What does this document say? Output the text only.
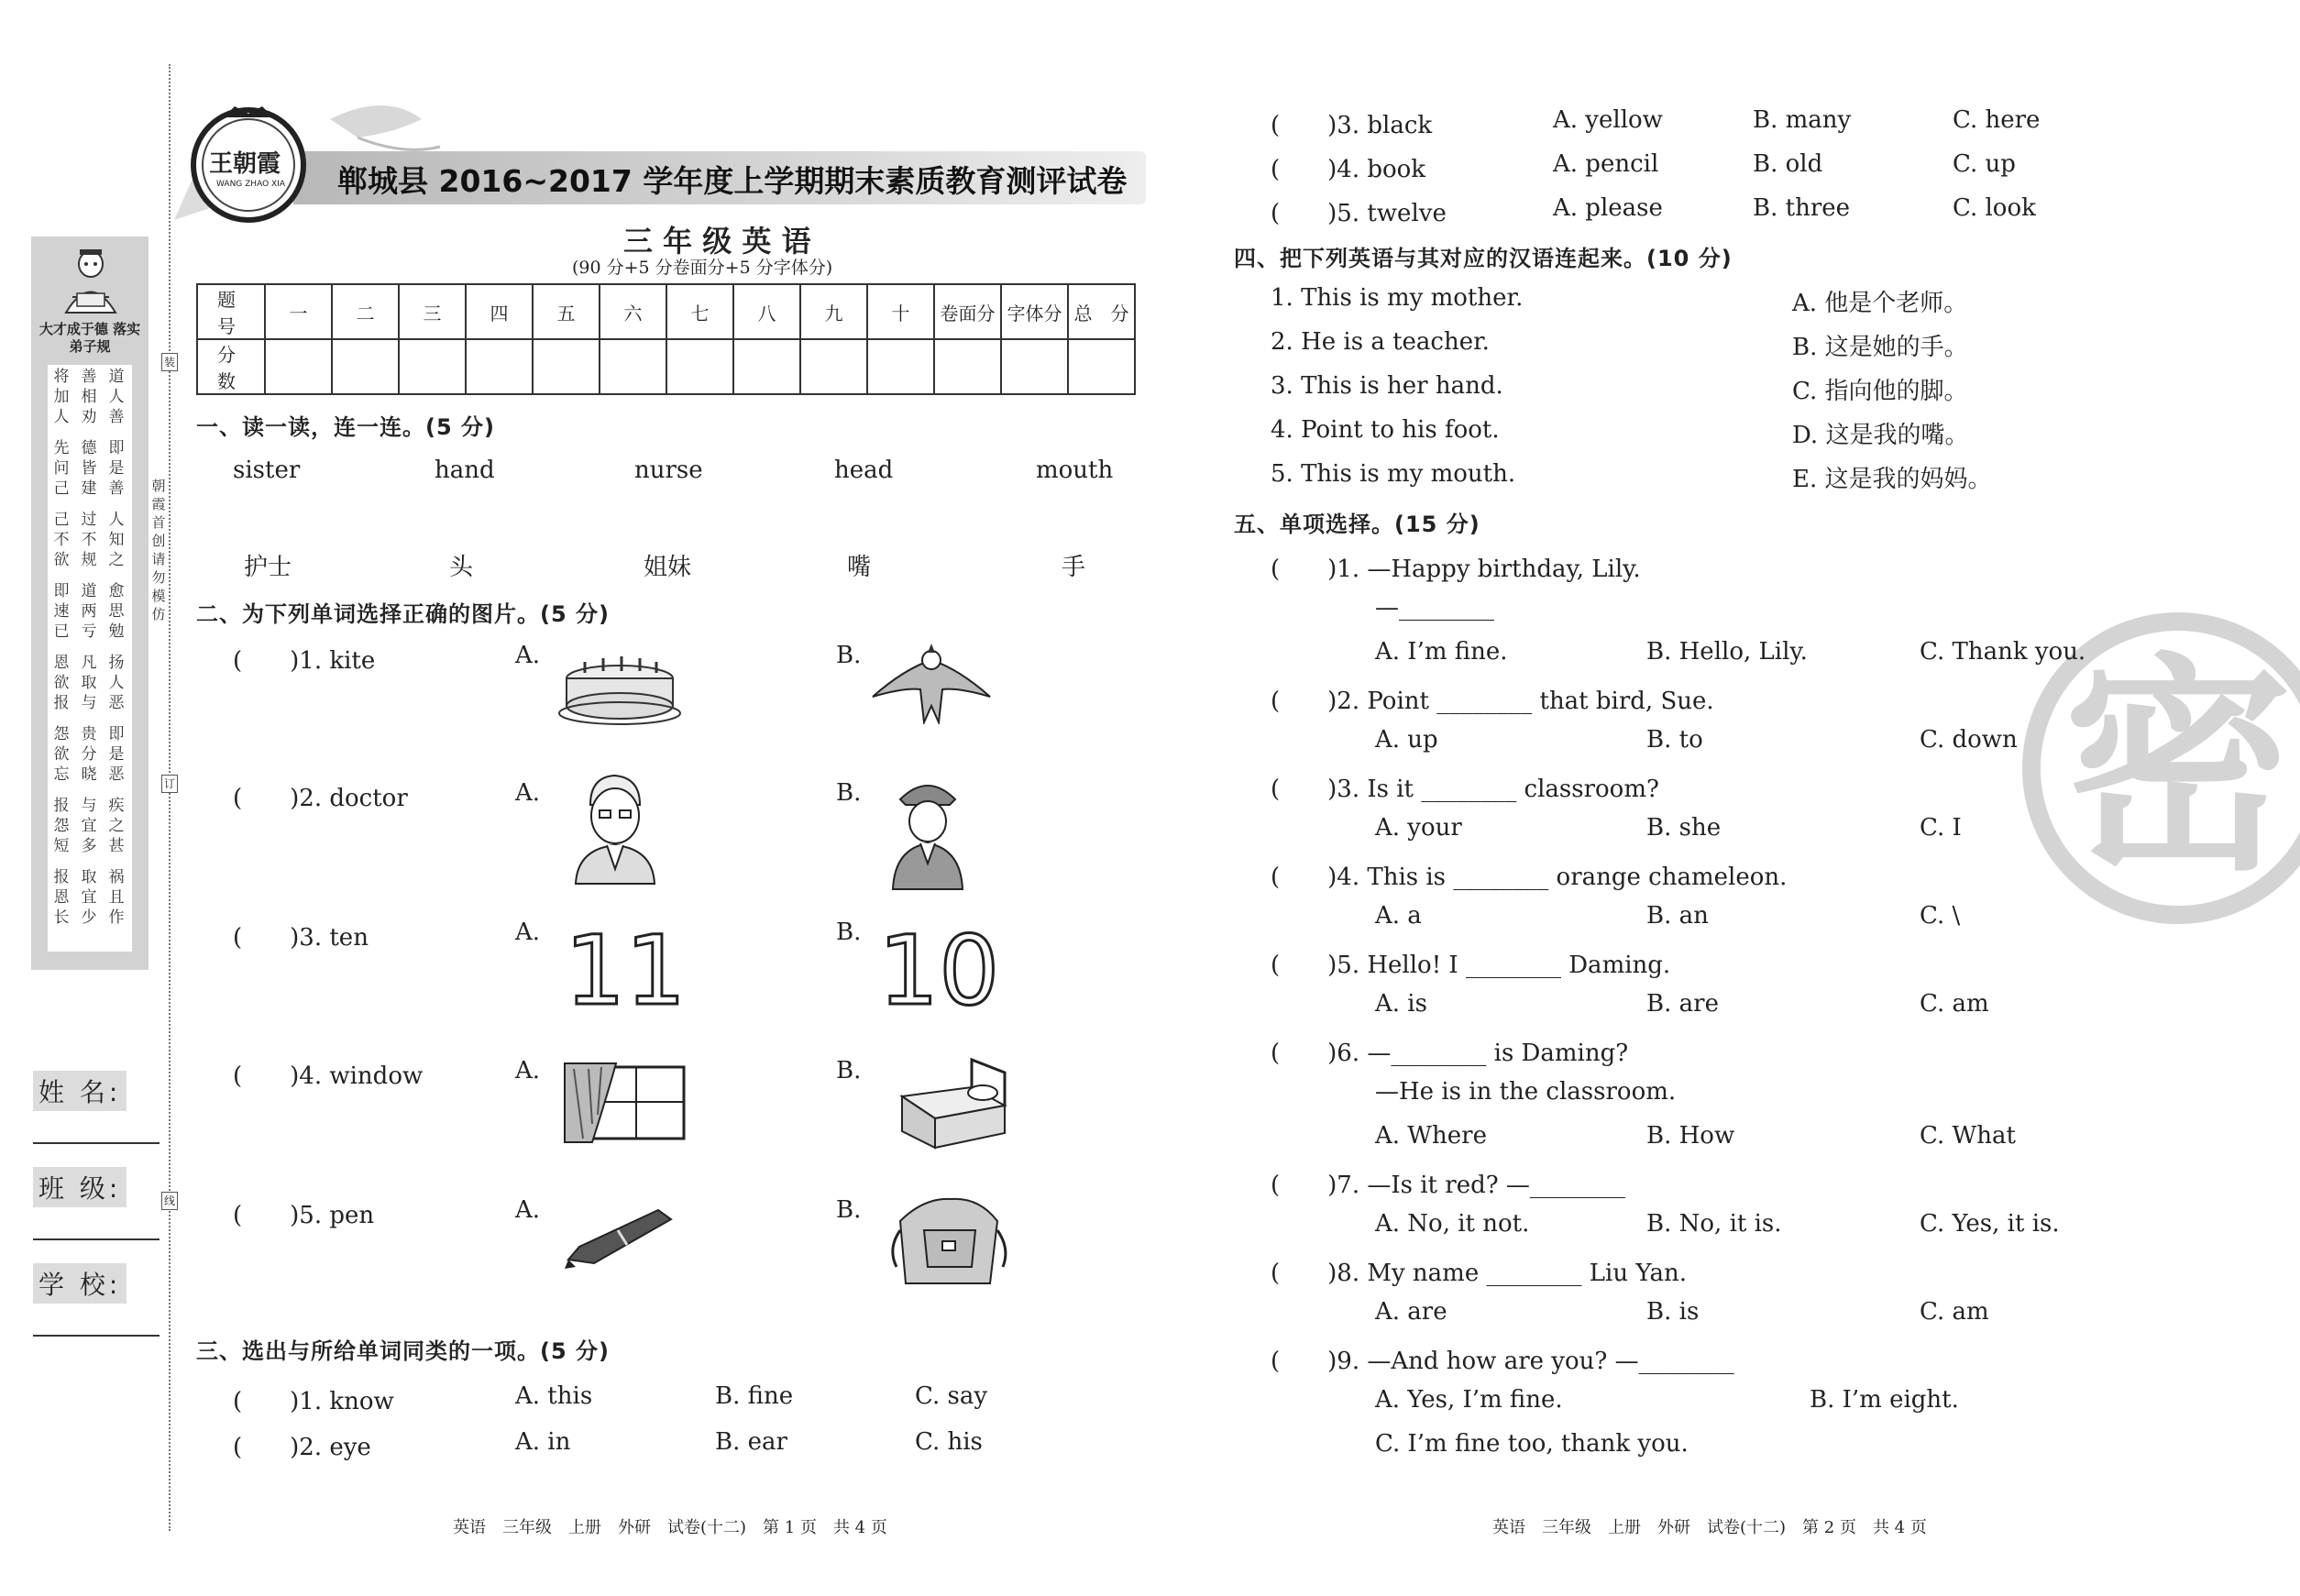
大才成于德 落实弟子规
将加人
善相劝
道人善
先问己
德皆建
即是善
己不欲
过不规
人知之
即速已
道两亏
愈思勉
恩欲报
凡取与
扬人恶
怨欲忘
贵分晓
即是恶
报怨短
与宜多
疾之甚
报恩长
取宜少
祸且作
朝霞首创 请勿模仿
装
订
线
姓 名:
班 级:
学 校:
王朝霞
WANG ZHAO XIA 郸城县 2016~2017 学年度上学期期末素质教育测评试卷
三 年 级 英 语
(90 分+5 分卷面分+5 分字体分)
题　号	一	二	三	四	五	六	七	八	九	十	卷面分	字体分	总　分
分　数													
一、读一读，连一连。(5 分)
sister	hand	nurse	head	mouth
护士	头	姐妹	嘴	手
二、为下列单词选择正确的图片。(5 分)
(　　)1. kite	A.	B.
(　　)2. doctor	A.	B.
(　　)3. ten	A.	B.
11 10
(　　)4. window	A.	B.
(　　)5. pen	A.	B.
三、选出与所给单词同类的一项。(5 分)
(　　)1. know	A. this	B. fine	C. say
(　　)2. eye	A. in	B. ear	C. his
(　　)3. black	A. yellow	B. many	C. here
(　　)4. book	A. pencil	B. old	C. up
(　　)5. twelve	A. please	B. three	C. look
密
四、把下列英语与其对应的汉语连起来。(10 分)
1. This is my mother.
2. He is a teacher.
3. This is her hand.
4. Point to his foot.
5. This is my mouth.
A. 他是个老师。
B. 这是她的手。
C. 指向他的脚。
D. 这是我的嘴。
E. 这是我的妈妈。
五、单项选择。(15 分)
(　　)1. —Happy birthday, Lily.
—________
A. I’m fine.	B. Hello, Lily.	C. Thank you.
(　　)2. Point ________ that bird, Sue.
A. up	B. to	C. down
(　　)3. Is it ________ classroom?
A. your	B. she	C. I
(　　)4. This is ________ orange chameleon.
A. a	B. an	C. \
(　　)5. Hello! I ________ Daming.
A. is	B. are	C. am
(　　)6. —________ is Daming?
—He is in the classroom.
A. Where	B. How	C. What
(　　)7. —Is it red? —________
A. No, it not.	B. No, it is.	C. Yes, it is.
(　　)8. My name ________ Liu Yan.
A. are	B. is	C. am
(　　)9. —And how are you? —________
A. Yes, I’m fine.	B. I’m eight.
C. I’m fine too, thank you.
英语　三年级　上册　外研　试卷(十二)　第 1 页　共 4 页	英语　三年级　上册　外研　试卷(十二)　第 2 页　共 4 页
